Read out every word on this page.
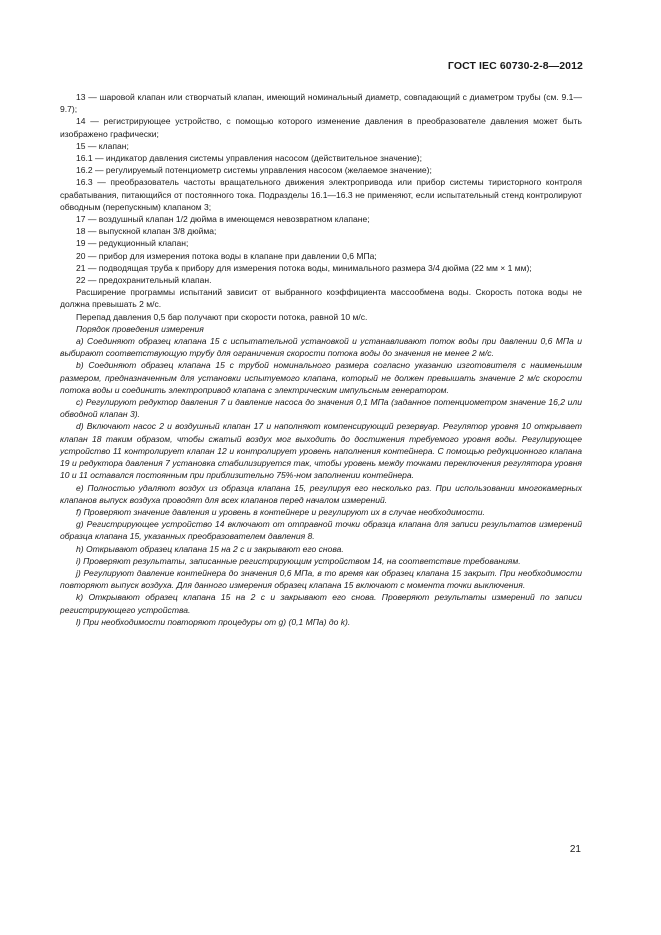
ГОСТ IEC 60730-2-8—2012

13 — шаровой клапан или створчатый клапан, имеющий номинальный диаметр, совпадающий с диаметром трубы (см. 9.1—9.7);

14 — регистрирующее устройство, с помощью которого изменение давления в преобразователе давления может быть изображено графически;

15 — клапан;

16.1 — индикатор давления системы управления насосом (действительное значение);

16.2 — регулируемый потенциометр системы управления насосом (желаемое значение);

16.3 — преобразователь частоты вращательного движения электропривода или прибор системы тиристорного контроля срабатывания, питающийся от постоянного тока. Подразделы 16.1—16.3 не применяют, если испытательный стенд контролируют обводным (перепускным) клапаном 3;

17 — воздушный клапан 1/2 дюйма в имеющемся невозвратном клапане;

18 — выпускной клапан 3/8 дюйма;

19 — редукционный клапан;

20 — прибор для измерения потока воды в клапане при давлении 0,6 МПа;

21 — подводящая труба к прибору для измерения потока воды, минимального размера 3/4 дюйма (22 мм × 1 мм);

22 — предохранительный клапан.

Расширение программы испытаний зависит от выбранного коэффициента массообмена воды. Скорость потока воды не должна превышать 2 м/с.

Перепад давления 0,5 бар получают при скорости потока, равной 10 м/с.

Порядок проведения измерения

a) Соединяют образец клапана 15 с испытательной установкой и устанавливают поток воды при давлении 0,6 МПа и выбирают соответствующую трубу для ограничения скорости потока воды до значения не менее 2 м/с.

b) Соединяют образец клапана 15 с трубой номинального размера согласно указанию изготовителя с наименьшим размером, предназначенным для установки испытуемого клапана, который не должен превышать значение 2 м/с скорости потока воды и соединить электропривод клапана с электрическим импульсным генератором.

c) Регулируют редуктор давления 7 и давление насоса до значения 0,1 МПа (заданное потенциометром значение 16,2 или обводной клапан 3).

d) Включают насос 2 и воздушный клапан 17 и наполняют компенсирующий резервуар. Регулятор уровня 10 открывает клапан 18 таким образом, чтобы сжатый воздух мог выходить до достижения требуемого уровня воды. Регулирующее устройство 11 контролирует клапан 12 и контролирует уровень наполнения контейнера. С помощью редукционного клапана 19 и редуктора давления 7 установка стабилизируется так, чтобы уровень между точками переключения регулятора уровня 10 и 11 оставался постоянным при приблизительно 75%-ном заполнении контейнера.

e) Полностью удаляют воздух из образца клапана 15, регулируя его несколько раз. При использовании многокамерных клапанов выпуск воздуха проводят для всех клапанов перед началом измерений.

f) Проверяют значение давления и уровень в контейнере и регулируют их в случае необходимости.

g) Регистрирующее устройство 14 включают от отправной точки образца клапана для записи результатов измерений образца клапана 15, указанных преобразователем давления 8.

h) Открывают образец клапана 15 на 2 с и закрывают его снова.

i) Проверяют результаты, записанные регистрирующим устройством 14, на соответствие требованиям.

j) Регулируют давление контейнера до значения 0,6 МПа, в то время как образец клапана 15 закрыт. При необходимости повторяют выпуск воздуха. Для данного измерения образец клапана 15 включают с момента точки выключения.

k) Открывают образец клапана 15 на 2 с и закрывают его снова. Проверяют результаты измерений по записи регистрирующего устройства.

l) При необходимости повторяют процедуры от g) (0,1 МПа) до k).

21
